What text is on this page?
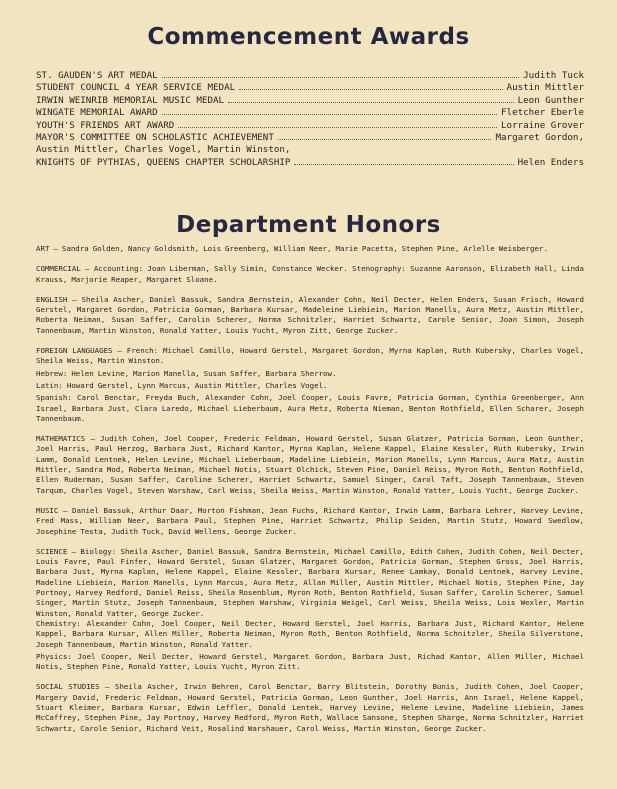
Commencement Awards
ST. GAUDEN'S ART MEDAL	Judith Tuck
STUDENT COUNCIL 4 YEAR SERVICE MEDAL	Austin Mittler
IRWIN WEINRIB MEMORIAL MUSIC MEDAL	Leon Gunther
WINGATE MEMORIAL AWARD	Fletcher Eberle
YOUTH'S FRIENDS ART AWARD	Lorraine Grover
MAYOR'S COMMITTEE ON SCHOLASTIC ACHIEVEMENT	Margaret Gordon,
Austin Mittler, Charles Vogel, Martin Winston,
KNIGHTS OF PYTHIAS, QUEENS CHAPTER SCHOLARSHIP	Helen Enders
Department Honors

ART — Sandra Golden, Nancy Goldsmith, Lois Greenberg, William Neer, Marie Pacetta, Stephen Pine, Arlelle Weisberger.

COMMERCIAL — Accounting: Joan Liberman, Sally Simin, Constance Wecker. Stenography: Suzanne Aaronson, Elizabeth Hall, Linda Krauss, Marjorie Reaper, Margaret Sloane.

ENGLISH — Sheila Ascher, Daniel Bassuk, Sandra Bernstein, Alexander Cohn, Neil Decter, Helen Enders, Susan Frisch, Howard Gerstel, Margaret Gordon, Patricia Gorman, Barbara Kursar, Madeleine Liebiein, Marion Manells, Aura Metz, Austin Mittler, Roberta Neiman, Susan Saffer, Carolin Scherer, Norma Schnitzler, Harriet Schwartz, Carole Senior, Joan Simon, Joseph Tannenbaum, Martin Winston, Ronald Yatter, Louis Yucht, Myron Zitt, George Zucker.

FOREIGN LANGUAGES — French: Michael Camillo, Howard Gerstel, Margaret Gordon, Myrna Kaplan, Ruth Kubersky, Charles Vogel, Sheila Weiss, Martin Winston.

Hebrew: Helen Levine, Marion Manella, Susan Saffer, Barbara Sherrow.

Latin: Howard Gerstel, Lynn Marcus, Austin Mittler, Charles Vogel.

Spanish: Carol Benctar, Freyda Buch, Alexander Cohn, Joel Cooper, Louis Favre, Patricia Gorman, Cynthia Greenberger, Ann Israel, Barbara Just, Clara Laredo, Michael Lieberbaum, Aura Metz, Roberta Nieman, Benton Rothfield, Ellen Scharer, Joseph Tannenbaum.

MATHEMATICS — Judith Cohen, Joel Cooper, Frederic Feldman, Howard Gerstel, Susan Glatzer, Patricia Gorman, Leon Gunther, Joel Harris, Paul Herzog, Barbara Just, Richard Kantor, Myrna Kaplan, Helene Kappel, Elaine Kessler, Ruth Kubersky, Irwin Lamm, Donald Lentnek, Helen Levine, Michael Lieberbaum, Madeline Liebiein, Marion Manells, Lynn Marcus, Aura Matz, Austin Mittler, Sandra Mod, Roberta Neiman, Michael Notis, Stuart Olchick, Steven Pine, Daniel Reiss, Myron Roth, Benton Rothfield, Ellen Ruderman, Susan Saffer, Caroline Scherer, Harriet Schwartz, Samuel Singer, Carol Taft, Joseph Tannenbaum, Steven Tarqum, Charles Vogel, Steven Warshaw, Carl Weiss, Sheila Weiss, Martin Winston, Ronald Yatter, Louis Yucht, George Zucker.

MUSIC — Daniel Bassuk, Arthur Daar, Morton Fishman, Jean Fuchs, Richard Kantor, Irwin Lamm, Barbara Lehrer, Harvey Levine, Fred Mass, William Neer, Barbara Paul, Stephen Pine, Harriet Schwartz, Philip Seiden, Martin Stutz, Howard Swedlow, Josephine Testa, Judith Tuck, David Wellens, George Zucker.

SCIENCE — Biology: Sheila Ascher, Daniel Bassuk, Sandra Bernstein, Michael Camillo, Edith Cohen, Judith Cohen, Neil Decter, Louis Favre, Paul Finfer, Howard Gerstel, Susan Glatzer, Margaret Gordon, Patricia Gorman, Stephen Gross, Joel Harris, Barbara Just, Myrna Kaplan, Helene Kappel, Elaine Kessler, Barbara Kursar, Renee Lamkay, Donald Lentnek, Harvey Levine, Madeline Liebiein, Marion Manells, Lynn Marcus, Aura Metz, Allan Miller, Austin Mittler, Michael Notis, Stephen Pine, Jay Portnoy, Harvey Redford, Daniel Reiss, Sheila Rosenblum, Myron Roth, Benton Rothfield, Susan Saffer, Carolin Scherer, Samuel Singer, Martin Stutz, Joseph Tannenbaum, Stephen Warshaw, Virginia Weigel, Carl Weiss, Sheila Weiss, Lois Wexler, Martin Winston, Ronald Yatter, George Zucker.

Chemistry: Alexander Cohn, Joel Cooper, Neil Decter, Howard Gerstel, Joel Harris, Barbara Just, Richard Kantor, Helene Kappel, Barbara Kursar, Allen Miller, Roberta Neiman, Myron Roth, Benton Rothfield, Norma Schnitzler, Sheila Silverstone, Joseph Tannenbaum, Martin Winston, Ronald Yatter.

Physics: Joel Cooper, Neil Decter, Howard Gerstel, Margaret Gordon, Barbara Just, Richad Kantor, Allen Miller, Michael Notis, Stephen Pine, Ronald Yatter, Louis Yucht, Myron Zitt.

SOCIAL STUDIES — Sheila Ascher, Irwin Behren, Carol Benctar, Barry Blitstein, Dorothy Bunis, Judith Cohen, Joel Cooper, Margery David, Frederic Feldman, Howard Gerstel, Patricia Gorman, Leon Gunther, Joel Harris, Ann Israel, Helene Kappel, Stuart Kleimer, Barbara Kursar, Edwin Leffler, Donald Lentek, Harvey Levine, Helene Levine, Madeline Liebiein, James McCaffrey, Stephen Pine, Jay Portnoy, Harvey Redford, Myron Roth, Wallace Sansone, Stephen Sharge, Norma Schnitzler, Harriet Schwartz, Carole Senior, Richard Veit, Rosalind Warshauer, Carol Weiss, Martin Winston, George Zucker.
